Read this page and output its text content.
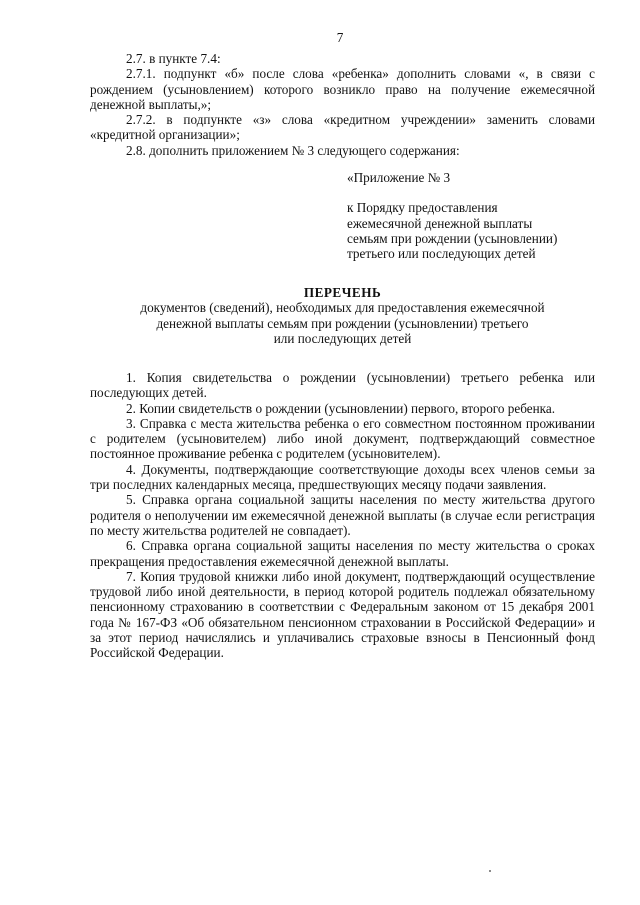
7

2.7. в пункте 7.4:

2.7.1. подпункт «б» после слова «ребенка» дополнить словами «, в связи с рождением (усыновлением) которого возникло право на получение ежемесячной денежной выплаты,»;

2.7.2. в подпункте «з» слова «кредитном учреждении» заменить словами «кредитной организации»;

2.8. дополнить приложением № 3 следующего содержания:

«Приложение № 3
к Порядку предоставления
ежемесячной денежной выплаты
семьям при рождении (усыновлении)
третьего или последующих детей
ПЕРЕЧЕНЬ
документов (сведений), необходимых для предоставления ежемесячной
денежной выплаты семьям при рождении (усыновлении) третьего
или последующих детей

1. Копия свидетельства о рождении (усыновлении) третьего ребенка или последующих детей.

2. Копии свидетельств о рождении (усыновлении) первого, второго ребенка.

3. Справка с места жительства ребенка о его совместном постоянном проживании с родителем (усыновителем) либо иной документ, подтверждающий совместное постоянное проживание ребенка с родителем (усыновителем).

4. Документы, подтверждающие соответствующие доходы всех членов семьи за три последних календарных месяца, предшествующих месяцу подачи заявления.

5. Справка органа социальной защиты населения по месту жительства другого родителя о неполучении им ежемесячной денежной выплаты (в случае если регистрация по месту жительства родителей не совпадает).

6. Справка органа социальной защиты населения по месту жительства о сроках прекращения предоставления ежемесячной денежной выплаты.

7. Копия трудовой книжки либо иной документ, подтверждающий осуществление трудовой либо иной деятельности, в период которой родитель подлежал обязательному пенсионному страхованию в соответствии с Федеральным законом от 15 декабря 2001 года № 167-ФЗ «Об обязательном пенсионном страховании в Российской Федерации» и за этот период начислялись и уплачивались страховые взносы в Пенсионный фонд Российской Федерации.
